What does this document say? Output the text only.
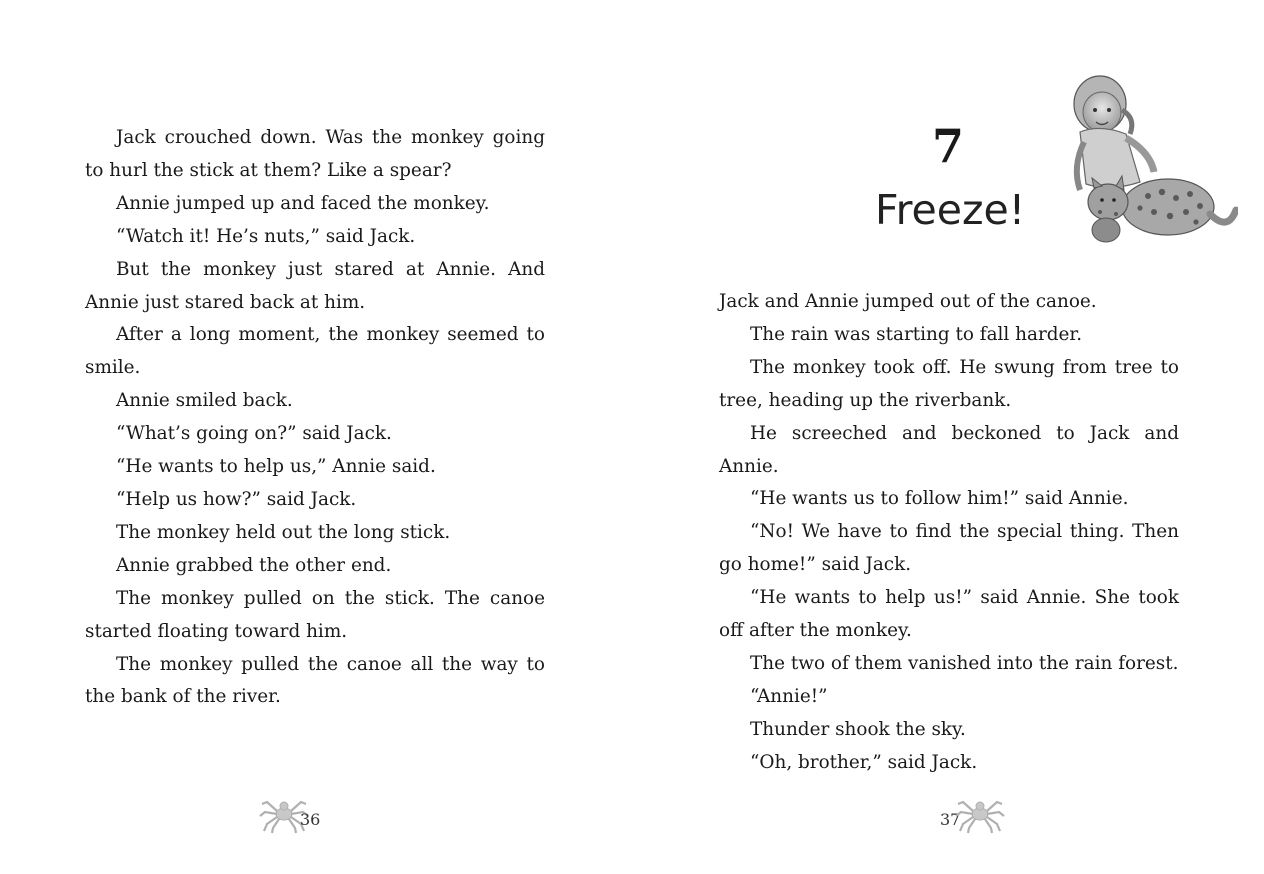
Jack crouched down. Was the monkey going to hurl the stick at them? Like a spear?

Annie jumped up and faced the monkey.

“Watch it! He’s nuts,” said Jack.

But the monkey just stared at Annie. And Annie just stared back at him.

After a long moment, the monkey seemed to smile.

Annie smiled back.

“What’s going on?” said Jack.

“He wants to help us,” Annie said.

“Help us how?” said Jack.

The monkey held out the long stick.

Annie grabbed the other end.

The monkey pulled on the stick. The canoe started floating toward him.

The monkey pulled the canoe all the way to the bank of the river.

36
7
Freeze!

Jack and Annie jumped out of the canoe.

The rain was starting to fall harder.

The monkey took off. He swung from tree to tree, heading up the riverbank.

He screeched and beckoned to Jack and Annie.

“He wants us to follow him!” said Annie.

“No! We have to find the special thing. Then go home!” said Jack.

“He wants to help us!” said Annie. She took off after the monkey.

The two of them vanished into the rain forest.

“Annie!”

Thunder shook the sky.

“Oh, brother,” said Jack.

37
